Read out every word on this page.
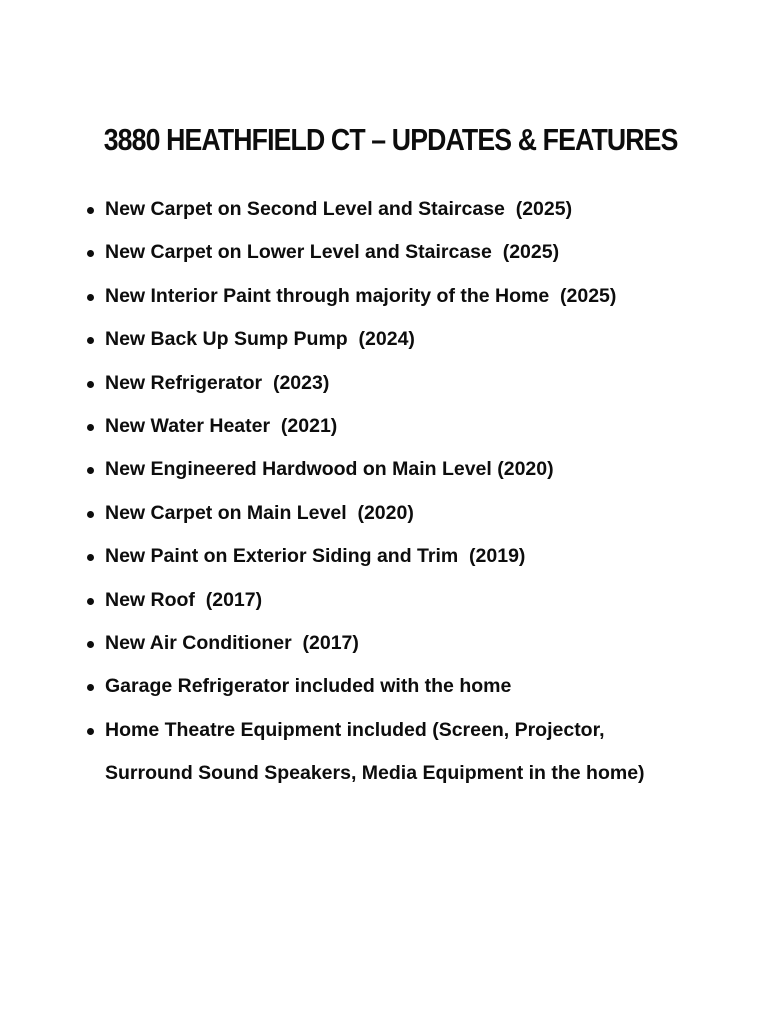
3880 HEATHFIELD CT – UPDATES & FEATURES
New Carpet on Second Level and Staircase  (2025)
New Carpet on Lower Level and Staircase  (2025)
New Interior Paint through majority of the Home  (2025)
New Back Up Sump Pump  (2024)
New Refrigerator  (2023)
New Water Heater  (2021)
New Engineered Hardwood on Main Level (2020)
New Carpet on Main Level  (2020)
New Paint on Exterior Siding and Trim  (2019)
New Roof  (2017)
New Air Conditioner  (2017)
Garage Refrigerator included with the home
Home Theatre Equipment included (Screen, Projector,
Surround Sound Speakers, Media Equipment in the home)
